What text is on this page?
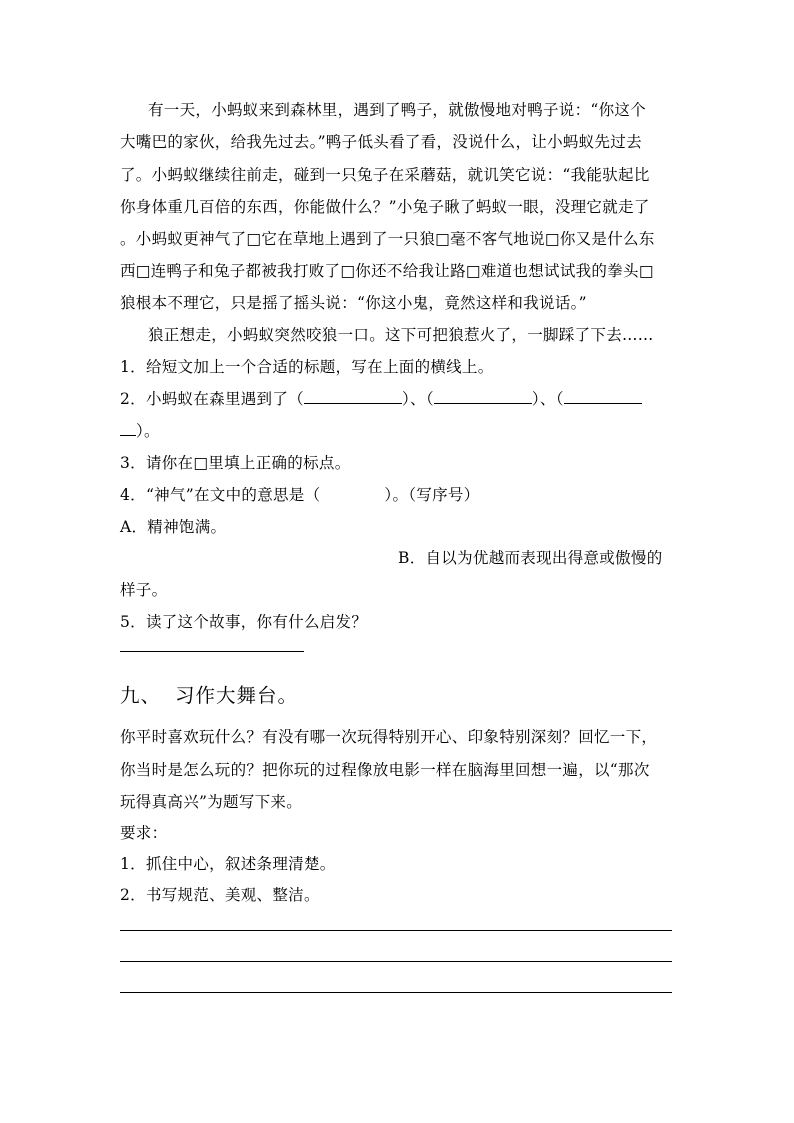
有一天，小蚂蚁来到森林里，遇到了鸭子，就傲慢地对鸭子说：“你这个
大嘴巴的家伙，给我先过去。”鸭子低头看了看，没说什么，让小蚂蚁先过去
了。小蚂蚁继续往前走，碰到一只兔子在采蘑菇，就讥笑它说：“我能驮起比
你身体重几百倍的东西，你能做什么？”小兔子瞅了蚂蚁一眼，没理它就走了
。小蚂蚁更神气了□它在草地上遇到了一只狼□毫不客气地说□你又是什么东
西□连鸭子和兔子都被我打败了□你还不给我让路□难道也想试试我的拳头□
狼根本不理它，只是摇了摇头说：“你这小鬼，竟然这样和我说话。”
狼正想走，小蚂蚁突然咬狼一口。这下可把狼惹火了，一脚踩了下去……
1．给短文加上一个合适的标题，写在上面的横线上。
2．小蚂蚁在森里遇到了（	）、（	）、（
）。
3．请你在□里填上正确的标点。
4．“神气”在文中的意思是（	）。（写序号）
A．精神饱满。
B．自以为优越而表现出得意或傲慢的
样子。
5．读了这个故事，你有什么启发？
九、 习作大舞台。
你平时喜欢玩什么？有没有哪一次玩得特别开心、印象特别深刻？回忆一下，
你当时是怎么玩的？把你玩的过程像放电影一样在脑海里回想一遍，以“那次
玩得真高兴”为题写下来。
要求：
1．抓住中心，叙述条理清楚。
2．书写规范、美观、整洁。
